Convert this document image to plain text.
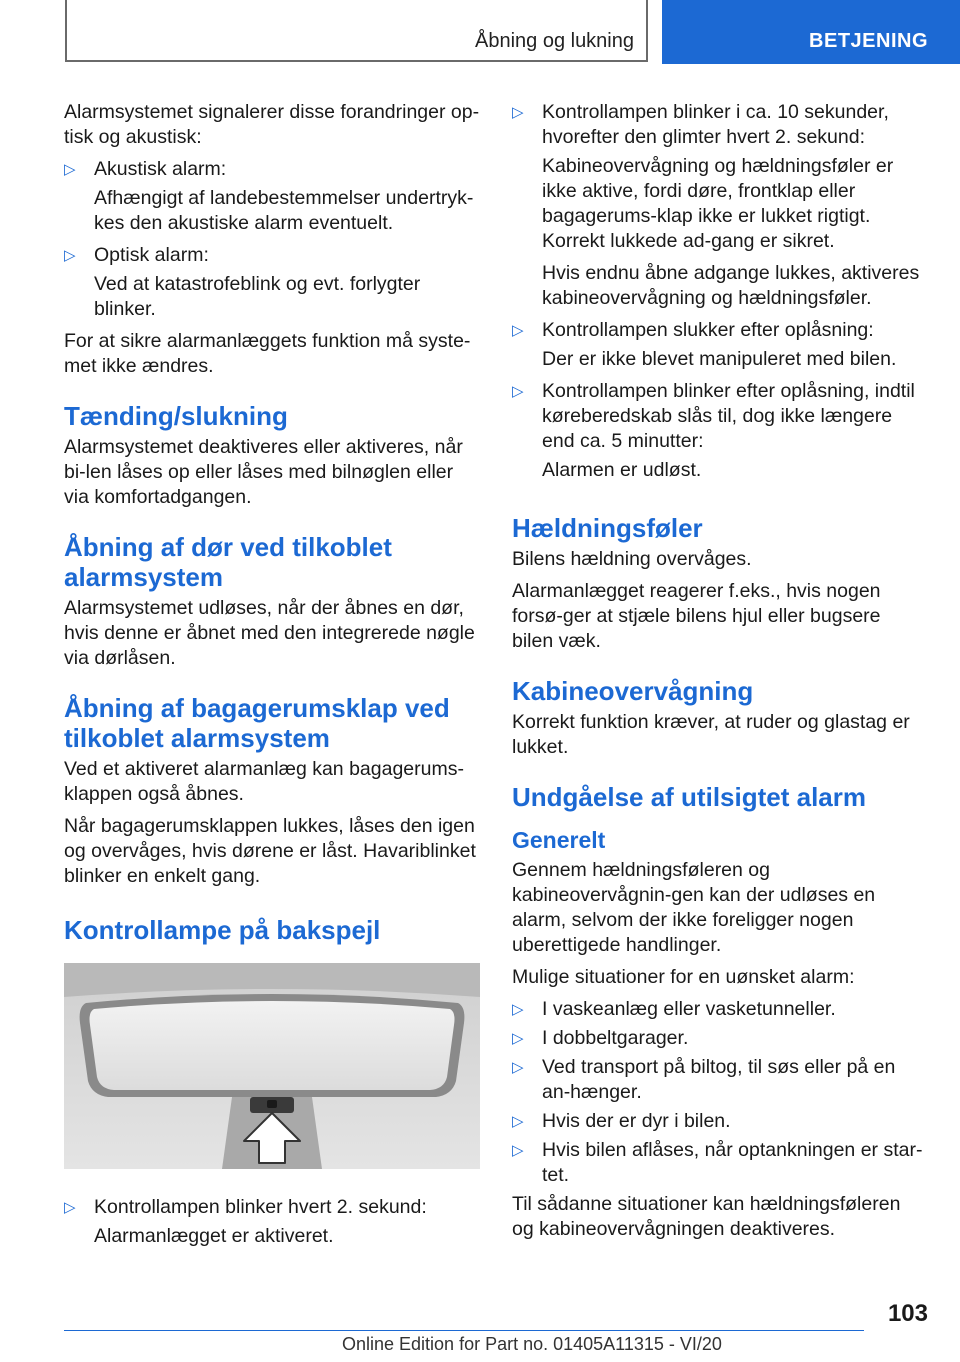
Åbning og lukning	BETJENING

Alarmsystemet signalerer disse forandringer op-tisk og akustisk:

▷ Akustisk alarm:

Afhængigt af landebestemmelser undertryk-kes den akustiske alarm eventuelt.

▷ Optisk alarm:

Ved at katastrofeblink og evt. forlygter blinker.

For at sikre alarmanlæggets funktion må syste-met ikke ændres.

Tænding/slukning

Alarmsystemet deaktiveres eller aktiveres, når bi-len låses op eller låses med bilnøglen eller via komfortadgangen.

Åbning af dør ved tilkoblet alarmsystem

Alarmsystemet udløses, når der åbnes en dør, hvis denne er åbnet med den integrerede nøgle via dørlåsen.

Åbning af bagagerumsklap ved tilkoblet alarmsystem

Ved et aktiveret alarmanlæg kan bagagerums-klappen også åbnes.

Når bagagerumsklappen lukkes, låses den igen og overvåges, hvis dørene er låst. Havariblinket blinker en enkelt gang.

Kontrollampe på bakspejl
▷ Kontrollampen blinker hvert 2. sekund:

Alarmanlægget er aktiveret.

▷ Kontrollampen blinker i ca. 10 sekunder, hvorefter den glimter hvert 2. sekund:

Kabineovervågning og hældningsføler er ikke aktive, fordi døre, frontklap eller bagagerums-klap ikke er lukket rigtigt. Korrekt lukkede ad-gang er sikret.

Hvis endnu åbne adgange lukkes, aktiveres kabineovervågning og hældningsføler.

▷ Kontrollampen slukker efter oplåsning:

Der er ikke blevet manipuleret med bilen.

▷ Kontrollampen blinker efter oplåsning, indtil køreberedskab slås til, dog ikke længere end ca. 5 minutter:

Alarmen er udløst.

Hældningsføler

Bilens hældning overvåges.

Alarmanlægget reagerer f.eks., hvis nogen forsø-ger at stjæle bilens hjul eller bugsere bilen væk.

Kabineovervågning

Korrekt funktion kræver, at ruder og glastag er lukket.

Undgåelse af utilsigtet alarm
Generelt

Gennem hældningsføleren og kabineovervågnin-gen kan der udløses en alarm, selvom der ikke foreligger nogen uberettigede handlinger.

Mulige situationer for en uønsket alarm:

▷ I vaskeanlæg eller vasketunneller.
▷ I dobbeltgarager.
▷ Ved transport på biltog, til søs eller på en an-hænger.
▷ Hvis der er dyr i bilen.
▷ Hvis bilen aflåses, når optankningen er star-tet.

Til sådanne situationer kan hældningsføleren og kabineovervågningen deaktiveres.

103
Online Edition for Part no. 01405A11315 - VI/20
